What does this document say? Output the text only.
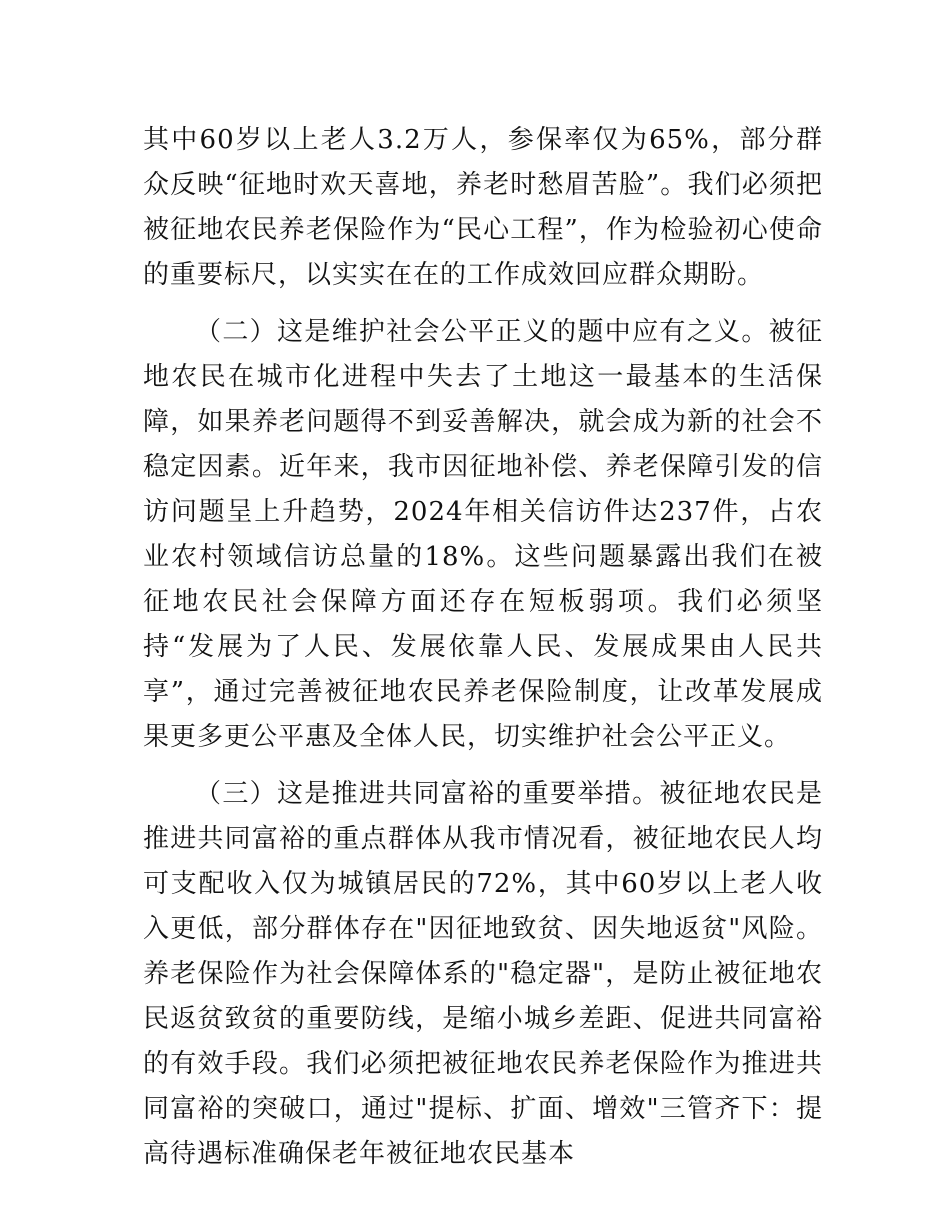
其中60岁以上老人3.2万人，参保率仅为65%，部分群众反映“征地时欢天喜地，养老时愁眉苦脸”。我们必须把被征地农民养老保险作为“民心工程”，作为检验初心使命的重要标尺，以实实在在的工作成效回应群众期盼。

（二）这是维护社会公平正义的题中应有之义。被征地农民在城市化进程中失去了土地这一最基本的生活保障，如果养老问题得不到妥善解决，就会成为新的社会不稳定因素。近年来，我市因征地补偿、养老保障引发的信访问题呈上升趋势，2024年相关信访件达237件，占农业农村领域信访总量的18%。这些问题暴露出我们在被征地农民社会保障方面还存在短板弱项。我们必须坚持“发展为了人民、发展依靠人民、发展成果由人民共享”，通过完善被征地农民养老保险制度，让改革发展成果更多更公平惠及全体人民，切实维护社会公平正义。

（三）这是推进共同富裕的重要举措。被征地农民是推进共同富裕的重点群体从我市情况看，被征地农民人均可支配收入仅为城镇居民的72%，其中60岁以上老人收入更低，部分群体存在"因征地致贫、因失地返贫"风险。养老保险作为社会保障体系的"稳定器"，是防止被征地农民返贫致贫的重要防线，是缩小城乡差距、促进共同富裕的有效手段。我们必须把被征地农民养老保险作为推进共同富裕的突破口，通过"提标、扩面、增效"三管齐下：提高待遇标准确保老年被征地农民基本
